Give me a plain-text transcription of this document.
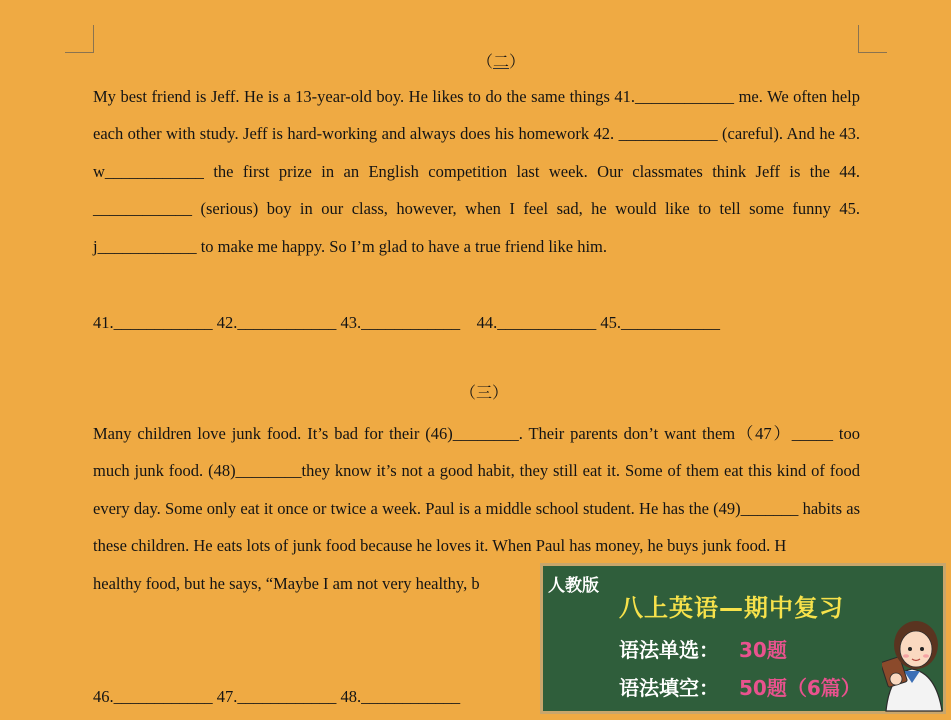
（二）
My best friend is Jeff. He is a 13-year-old boy. He likes to do the same things 41.____________ me. We often help each other with study. Jeff is hard-working and always does his homework 42. ____________ (careful). And he 43. w____________ the first prize in an English competition last week. Our classmates think Jeff is the 44. ____________ (serious) boy in our class, however, when I feel sad, he would like to tell some funny 45. j____________ to make me happy. So I’m glad to have a true friend like him.
41.____________ 42.____________ 43.____________    44.____________ 45.____________
（三）
Many children love junk food. It’s bad for their (46)________. Their parents don’t want them（47）_____ too much junk food. (48)________they know it’s not a good habit, they still eat it. Some of them eat this kind of food every day. Some only eat it once or twice a week. Paul is a middle school student. He has the (49)_______ habits as these children. He eats lots of junk food because he loves it. When Paul has money, he buys junk food. H
healthy food, but he says, “Maybe I am not very healthy, b
46.____________ 47.____________ 48.____________
人教版
八上英语—期中复习
语法单选： 30题
语法填空： 50题（6篇）
